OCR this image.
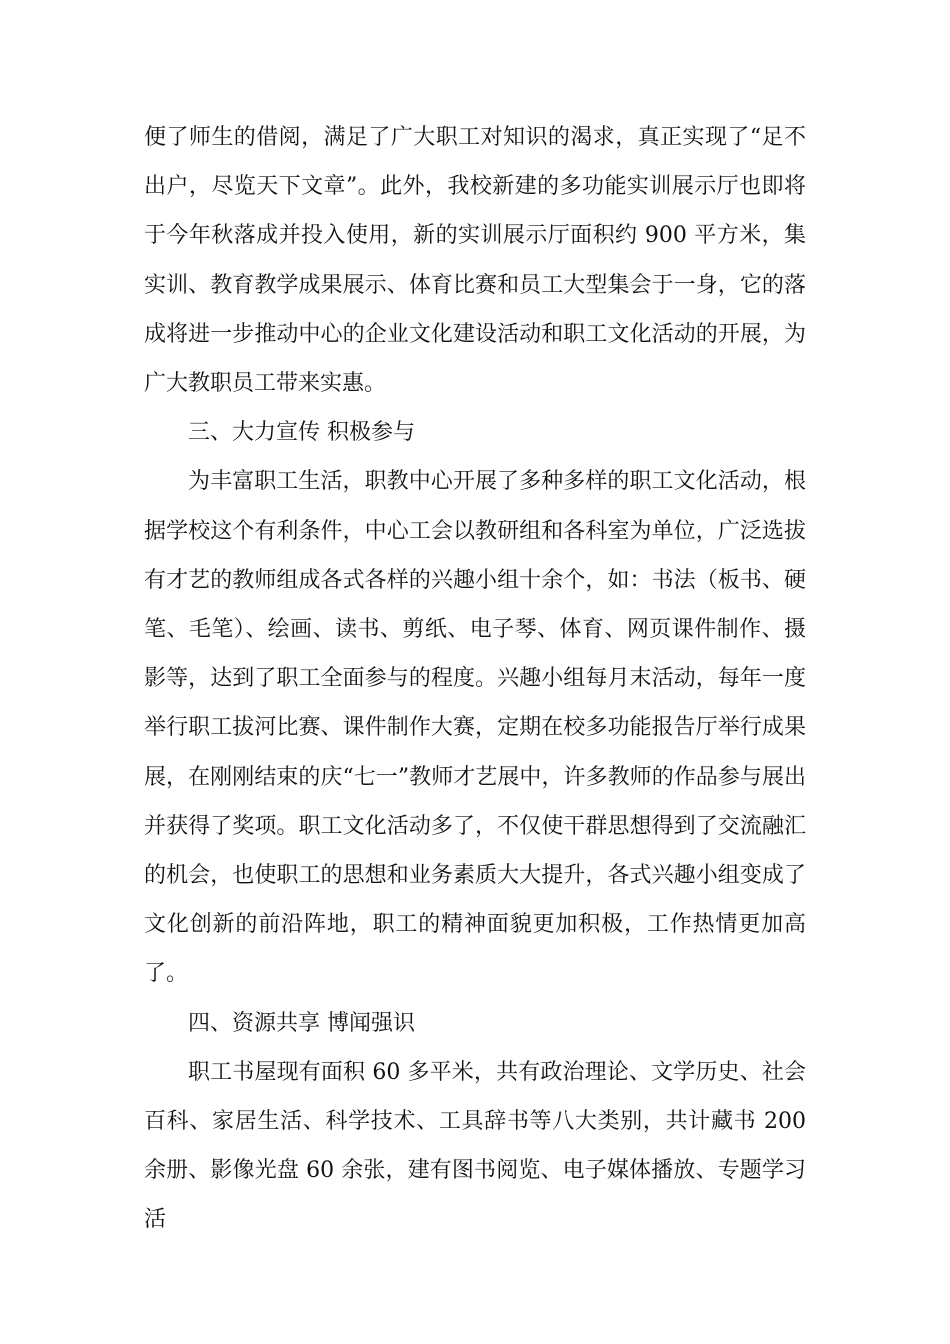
便了师生的借阅，满足了广大职工对知识的渴求，真正实现了“足不出户，尽览天下文章”。此外，我校新建的多功能实训展示厅也即将于今年秋落成并投入使用，新的实训展示厅面积约 900 平方米，集实训、教育教学成果展示、体育比赛和员工大型集会于一身，它的落成将进一步推动中心的企业文化建设活动和职工文化活动的开展，为广大教职员工带来实惠。

三、大力宣传 积极参与

为丰富职工生活，职教中心开展了多种多样的职工文化活动，根据学校这个有利条件，中心工会以教研组和各科室为单位，广泛选拔有才艺的教师组成各式各样的兴趣小组十余个，如：书法（板书、硬笔、毛笔）、绘画、读书、剪纸、电子琴、体育、网页课件制作、摄影等，达到了职工全面参与的程度。兴趣小组每月末活动，每年一度举行职工拔河比赛、课件制作大赛，定期在校多功能报告厅举行成果展，在刚刚结束的庆“七一”教师才艺展中，许多教师的作品参与展出并获得了奖项。职工文化活动多了，不仅使干群思想得到了交流融汇的机会，也使职工的思想和业务素质大大提升，各式兴趣小组变成了文化创新的前沿阵地，职工的精神面貌更加积极，工作热情更加高了。

四、资源共享 博闻强识

职工书屋现有面积 60 多平米，共有政治理论、文学历史、社会百科、家居生活、科学技术、工具辞书等八大类别，共计藏书 200 余册、影像光盘 60 余张，建有图书阅览、电子媒体播放、专题学习活
